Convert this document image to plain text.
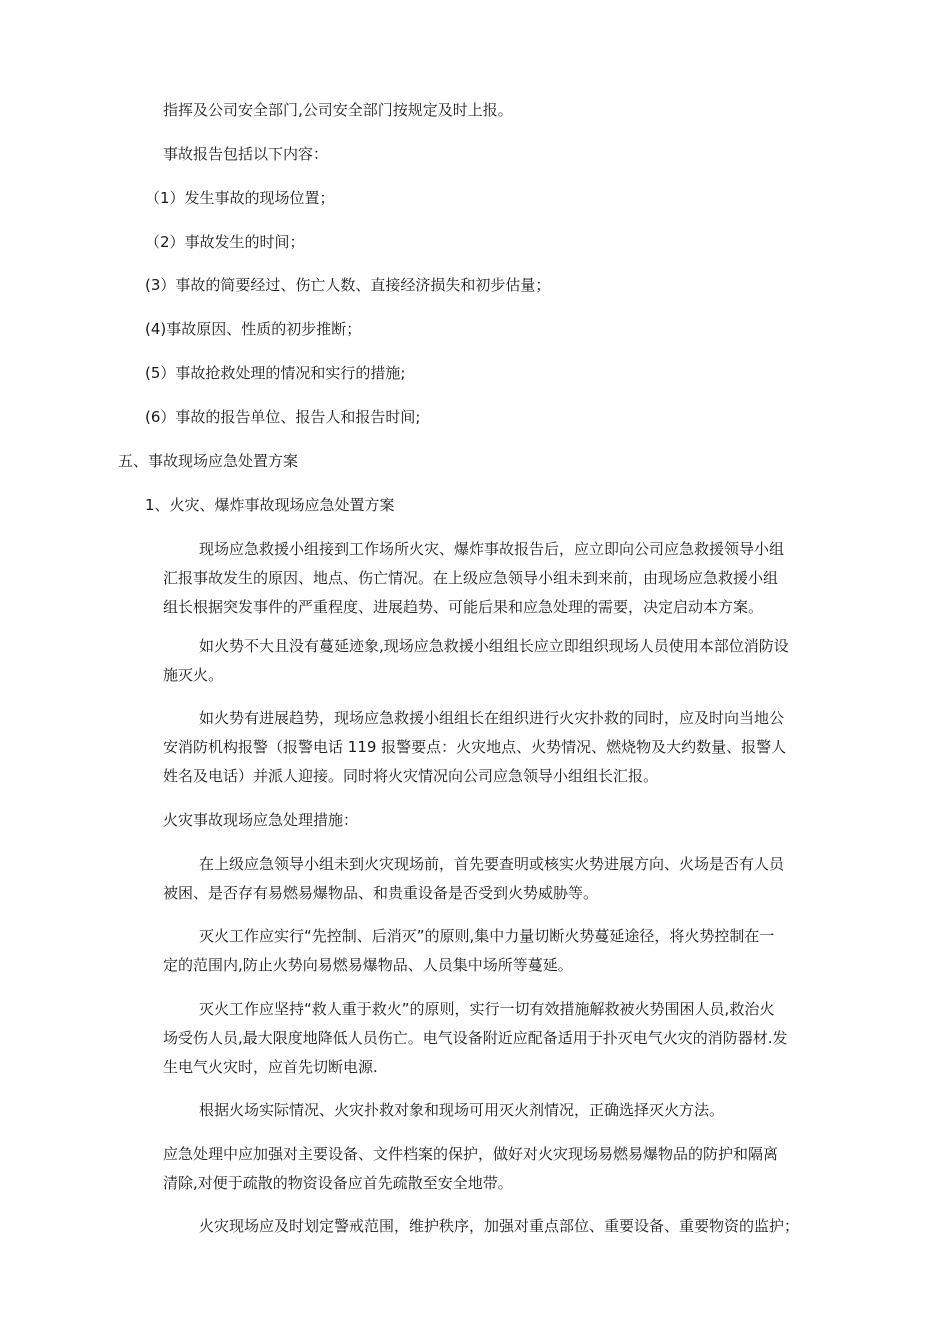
指挥及公司安全部门,公司安全部门按规定及时上报。
事故报告包括以下内容：
（1）发生事故的现场位置；
（2）事故发生的时间；
(3）事故的简要经过、伤亡人数、直接经济损失和初步估量；
(4)事故原因、性质的初步推断；
(5）事故抢救处理的情况和实行的措施;
(6）事故的报告单位、报告人和报告时间;
五、事故现场应急处置方案
1、火灾、爆炸事故现场应急处置方案
现场应急救援小组接到工作场所火灾、爆炸事故报告后，应立即向公司应急救援领导小组
汇报事故发生的原因、地点、伤亡情况。在上级应急领导小组未到来前，由现场应急救援小组
组长根据突发事件的严重程度、进展趋势、可能后果和应急处理的需要，决定启动本方案。
如火势不大且没有蔓延迹象,现场应急救援小组组长应立即组织现场人员使用本部位消防设
施灭火。
如火势有进展趋势，现场应急救援小组组长在组织进行火灾扑救的同时，应及时向当地公
安消防机构报警（报警电话 119 报警要点：火灾地点、火势情况、燃烧物及大约数量、报警人
姓名及电话）并派人迎接。同时将火灾情况向公司应急领导小组组长汇报。
火灾事故现场应急处理措施：
在上级应急领导小组未到火灾现场前，首先要查明或核实火势进展方向、火场是否有人员
被困、是否存有易燃易爆物品、和贵重设备是否受到火势威胁等。
灭火工作应实行“先控制、后消灭”的原则,集中力量切断火势蔓延途径，将火势控制在一
定的范围内,防止火势向易燃易爆物品、人员集中场所等蔓延。
灭火工作应坚持“救人重于救火”的原则，实行一切有效措施解救被火势围困人员,救治火
场受伤人员,最大限度地降低人员伤亡。电气设备附近应配备适用于扑灭电气火灾的消防器材.发
生电气火灾时，应首先切断电源.
根据火场实际情况、火灾扑救对象和现场可用灭火剂情况，正确选择灭火方法。
应急处理中应加强对主要设备、文件档案的保护，做好对火灾现场易燃易爆物品的防护和隔离
清除,对便于疏散的物资设备应首先疏散至安全地带。
火灾现场应及时划定警戒范围，维护秩序，加强对重点部位、重要设备、重要物资的监护；
